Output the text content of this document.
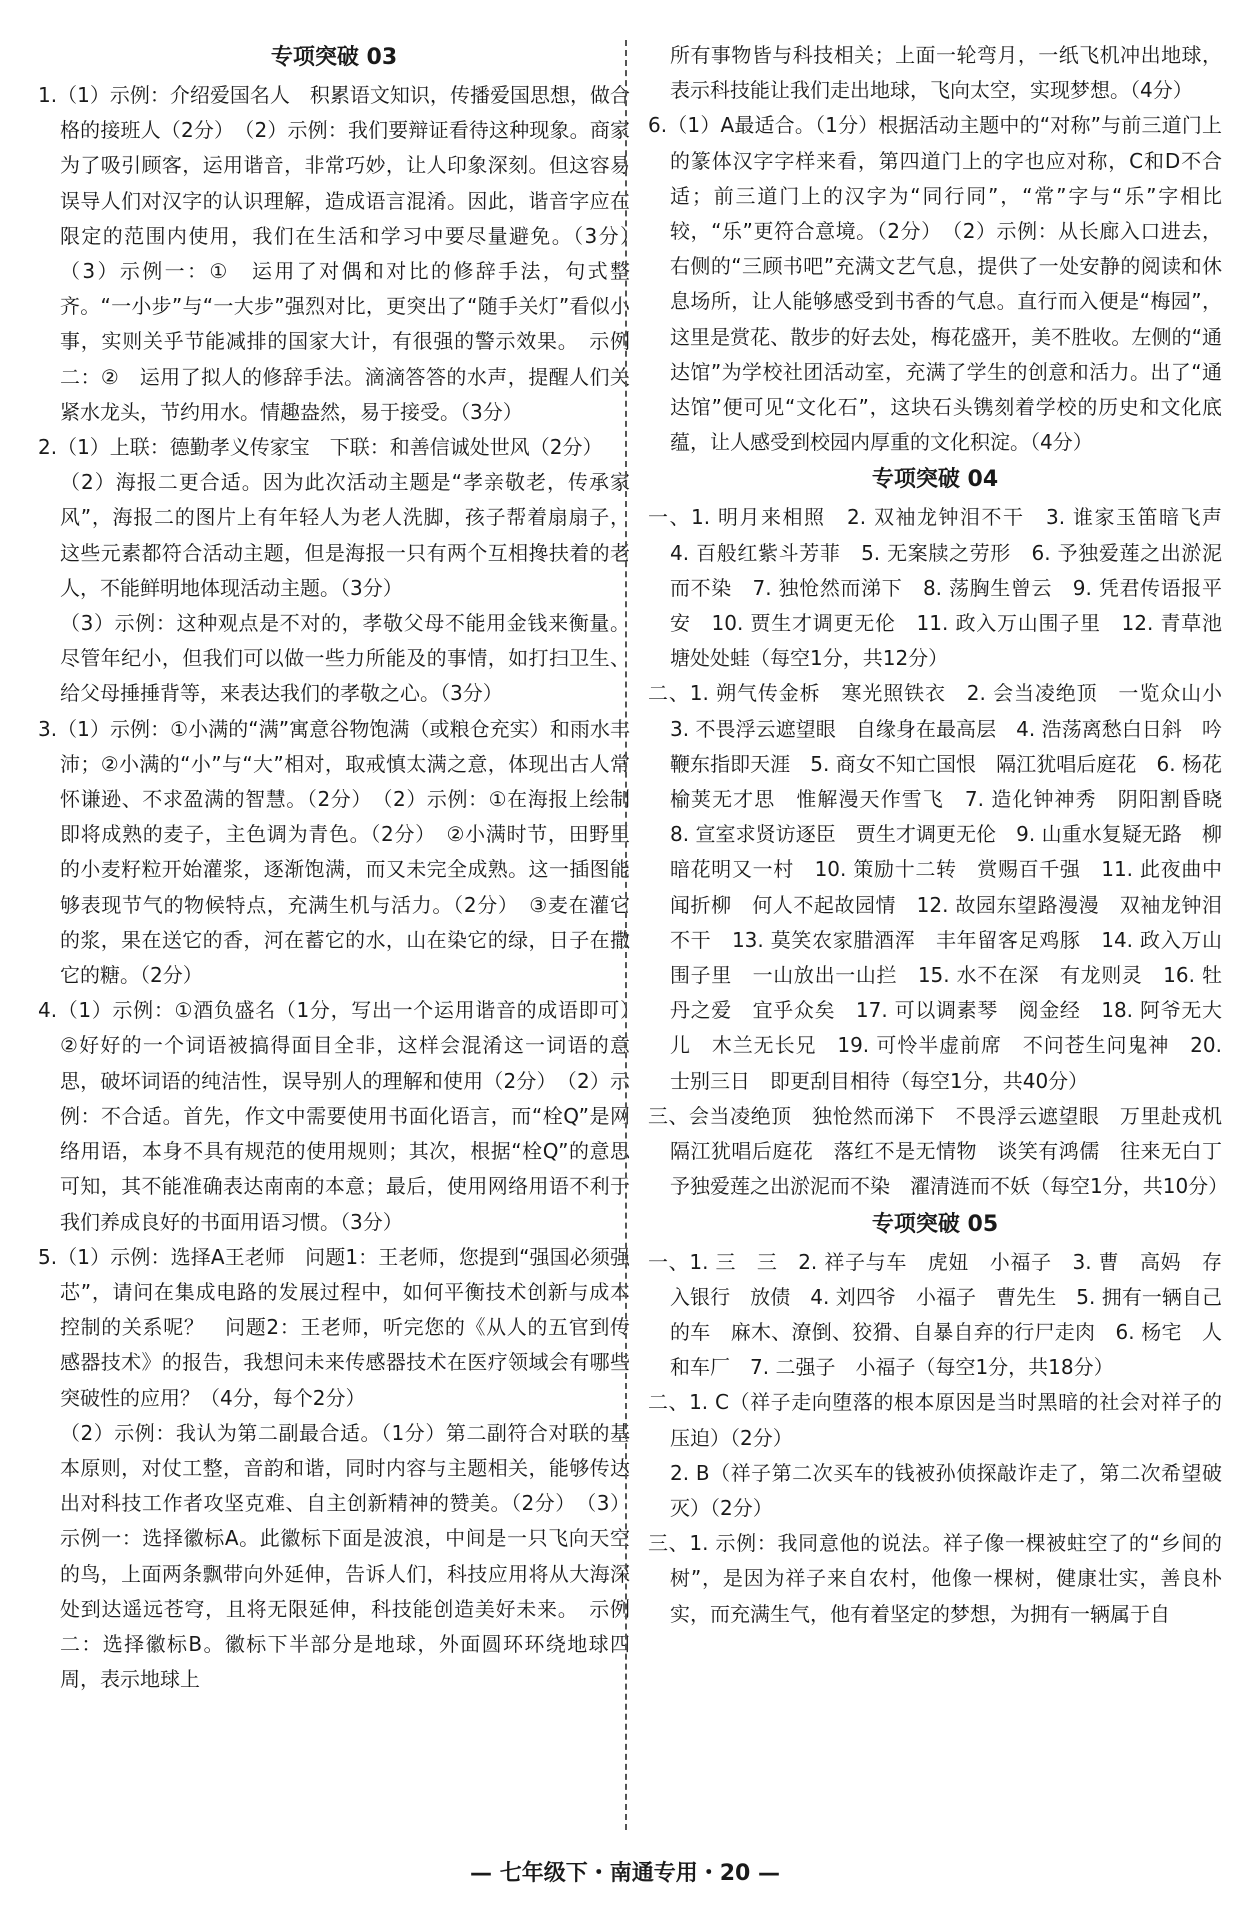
专项突破 03

1.（1）示例：介绍爱国名人　积累语文知识，传播爱国思想，做合格的接班人（2分）　（2）示例：我们要辩证看待这种现象。商家为了吸引顾客，运用谐音，非常巧妙，让人印象深刻。但这容易误导人们对汉字的认识理解，造成语言混淆。因此，谐音字应在限定的范围内使用，我们在生活和学习中要尽量避免。（3分）　（3）示例一：①　运用了对偶和对比的修辞手法，句式整齐。“一小步”与“一大步”强烈对比，更突出了“随手关灯”看似小事，实则关乎节能减排的国家大计，有很强的警示效果。　示例二：②　运用了拟人的修辞手法。滴滴答答的水声，提醒人们关紧水龙头，节约用水。情趣盎然，易于接受。（3分）

2.（1）上联：德勤孝义传家宝　下联：和善信诚处世风（2分）

（2）海报二更合适。因为此次活动主题是“孝亲敬老，传承家风”，海报二的图片上有年轻人为老人洗脚，孩子帮着扇扇子，这些元素都符合活动主题，但是海报一只有两个互相搀扶着的老人，不能鲜明地体现活动主题。（3分）

（3）示例：这种观点是不对的，孝敬父母不能用金钱来衡量。尽管年纪小，但我们可以做一些力所能及的事情，如打扫卫生、给父母捶捶背等，来表达我们的孝敬之心。（3分）

3.（1）示例：①小满的“满”寓意谷物饱满（或粮仓充实）和雨水丰沛；②小满的“小”与“大”相对，取戒慎太满之意，体现出古人常怀谦逊、不求盈满的智慧。（2分）　（2）示例：①在海报上绘制即将成熟的麦子，主色调为青色。（2分）　②小满时节，田野里的小麦籽粒开始灌浆，逐渐饱满，而又未完全成熟。这一插图能够表现节气的物候特点，充满生机与活力。（2分）　③麦在灌它的浆，果在送它的香，河在蓄它的水，山在染它的绿，日子在撒它的糖。（2分）

4.（1）示例：①酒负盛名（1分，写出一个运用谐音的成语即可）　②好好的一个词语被搞得面目全非，这样会混淆这一词语的意思，破坏词语的纯洁性，误导别人的理解和使用（2分）　（2）示例：不合适。首先，作文中需要使用书面化语言，而“栓Q”是网络用语，本身不具有规范的使用规则；其次，根据“栓Q”的意思可知，其不能准确表达南南的本意；最后，使用网络用语不利于我们养成良好的书面用语习惯。（3分）

5.（1）示例：选择A王老师　问题1：王老师，您提到“强国必须强芯”，请问在集成电路的发展过程中，如何平衡技术创新与成本控制的关系呢？　问题2：王老师，听完您的《从人的五官到传感器技术》的报告，我想问未来传感器技术在医疗领域会有哪些突破性的应用？（4分，每个2分）

（2）示例：我认为第二副最合适。（1分）第二副符合对联的基本原则，对仗工整，音韵和谐，同时内容与主题相关，能够传达出对科技工作者攻坚克难、自主创新精神的赞美。（2分）　（3）示例一：选择徽标A。此徽标下面是波浪，中间是一只飞向天空的鸟，上面两条飘带向外延伸，告诉人们，科技应用将从大海深处到达遥远苍穹，且将无限延伸，科技能创造美好未来。　示例二：选择徽标B。徽标下半部分是地球，外面圆环环绕地球四周，表示地球上

所有事物皆与科技相关；上面一轮弯月，一纸飞机冲出地球，表示科技能让我们走出地球，飞向太空，实现梦想。（4分）

6.（1）A最适合。（1分）根据活动主题中的“对称”与前三道门上的篆体汉字字样来看，第四道门上的字也应对称，C和D不合适；前三道门上的汉字为“同行同”，“常”字与“乐”字相比较，“乐”更符合意境。（2分）　（2）示例：从长廊入口进去，右侧的“三顾书吧”充满文艺气息，提供了一处安静的阅读和休息场所，让人能够感受到书香的气息。直行而入便是“梅园”，这里是赏花、散步的好去处，梅花盛开，美不胜收。左侧的“通达馆”为学校社团活动室，充满了学生的创意和活力。出了“通达馆”便可见“文化石”，这块石头镌刻着学校的历史和文化底蕴，让人感受到校园内厚重的文化积淀。（4分）

专项突破 04

一、1. 明月来相照　2. 双袖龙钟泪不干　3. 谁家玉笛暗飞声　4. 百般红紫斗芳菲　5. 无案牍之劳形　6. 予独爱莲之出淤泥而不染　7. 独怆然而涕下　8. 荡胸生曾云　9. 凭君传语报平安　10. 贾生才调更无伦　11. 政入万山围子里　12. 青草池塘处处蛙（每空1分，共12分）

二、1. 朔气传金柝　寒光照铁衣　2. 会当凌绝顶　一览众山小　3. 不畏浮云遮望眼　自缘身在最高层　4. 浩荡离愁白日斜　吟鞭东指即天涯　5. 商女不知亡国恨　隔江犹唱后庭花　6. 杨花榆荚无才思　惟解漫天作雪飞　7. 造化钟神秀　阴阳割昏晓　8. 宣室求贤访逐臣　贾生才调更无伦　9. 山重水复疑无路　柳暗花明又一村　10. 策励十二转　赏赐百千强　11. 此夜曲中闻折柳　何人不起故园情　12. 故园东望路漫漫　双袖龙钟泪不干　13. 莫笑农家腊酒浑　丰年留客足鸡豚　14. 政入万山围子里　一山放出一山拦　15. 水不在深　有龙则灵　16. 牡丹之爱　宜乎众矣　17. 可以调素琴　阅金经　18. 阿爷无大儿　木兰无长兄　19. 可怜半虚前席　不问苍生问鬼神　20. 士别三日　即更刮目相待（每空1分，共40分）

三、会当凌绝顶　独怆然而涕下　不畏浮云遮望眼　万里赴戎机　隔江犹唱后庭花　落红不是无情物　谈笑有鸿儒　往来无白丁　予独爱莲之出淤泥而不染　濯清涟而不妖（每空1分，共10分）

专项突破 05

一、1. 三　三　2. 祥子与车　虎妞　小福子　3. 曹　高妈　存入银行　放债　4. 刘四爷　小福子　曹先生　5. 拥有一辆自己的车　麻木、潦倒、狡猾、自暴自弃的行尸走肉　6. 杨宅　人和车厂　7. 二强子　小福子（每空1分，共18分）

二、1. C（祥子走向堕落的根本原因是当时黑暗的社会对祥子的压迫）（2分）

2. B（祥子第二次买车的钱被孙侦探敲诈走了，第二次希望破灭）（2分）

三、1. 示例：我同意他的说法。祥子像一棵被蛀空了的“乡间的树”，是因为祥子来自农村，他像一棵树，健康壮实，善良朴实，而充满生气，他有着坚定的梦想，为拥有一辆属于自

— 七年级下・南通专用・20 —
